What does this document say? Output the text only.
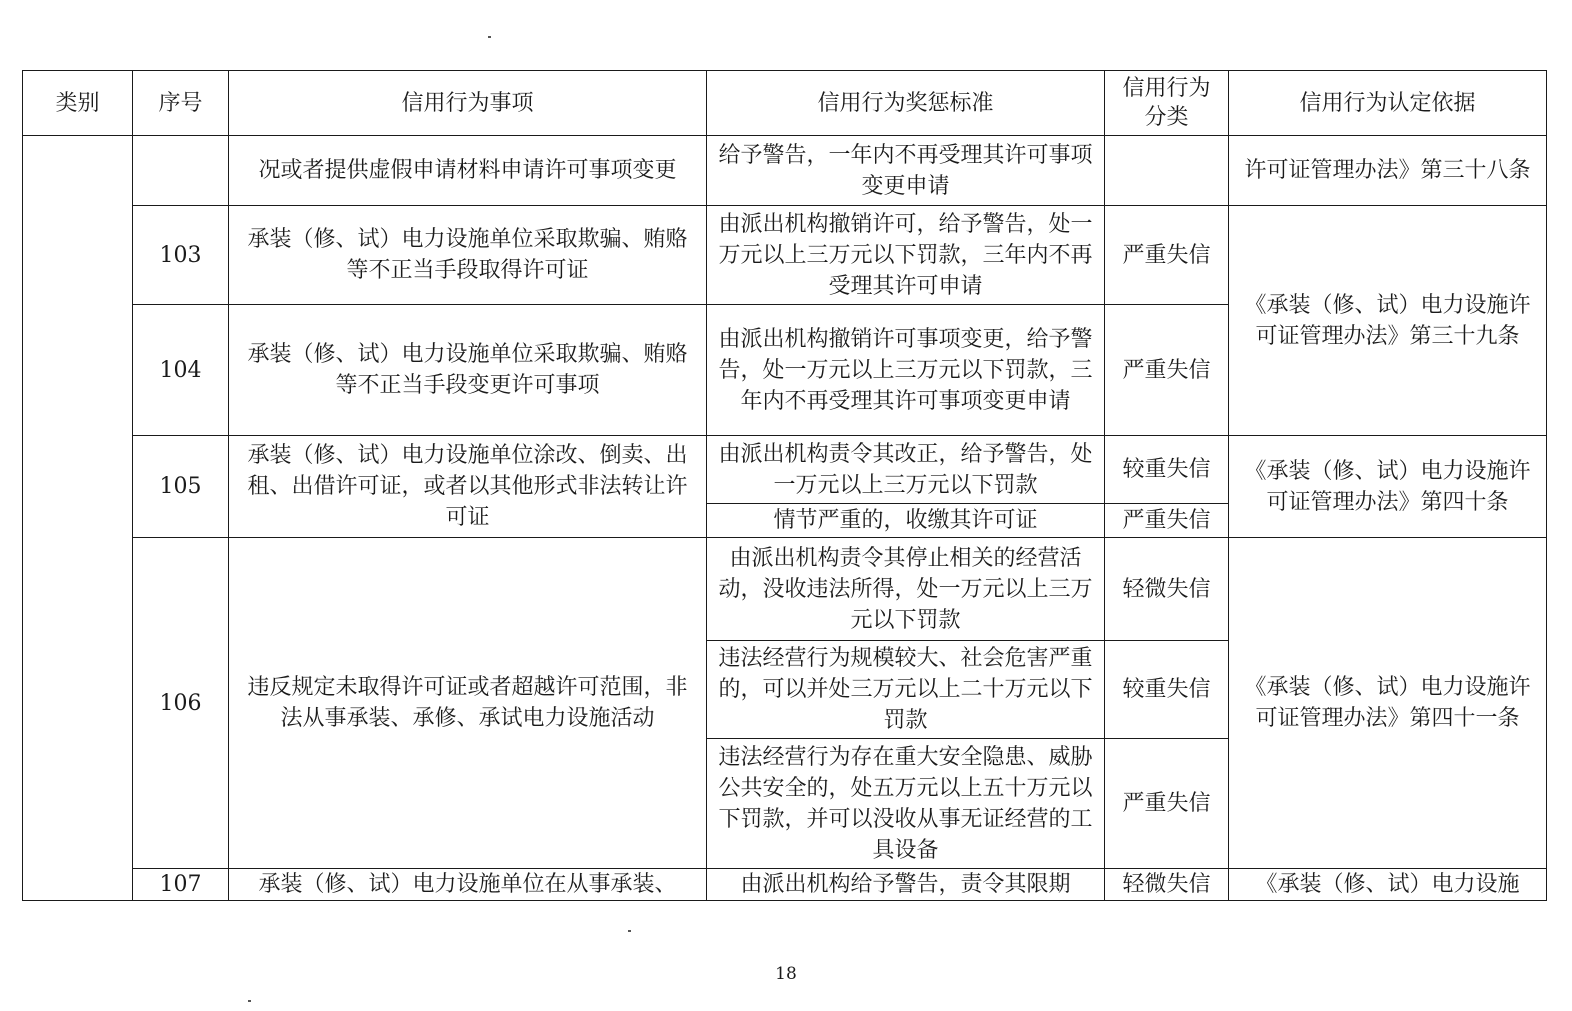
类别	序号	信用行为事项	信用行为奖惩标准	信用行为分类	信用行为认定依据
		况或者提供虚假申请材料申请许可事项变更	给予警告，一年内不再受理其许可事项变更申请		许可证管理办法》第三十八条
	103	承装（修、试）电力设施单位采取欺骗、贿赂等不正当手段取得许可证	由派出机构撤销许可，给予警告，处一万元以上三万元以下罚款，三年内不再受理其许可申请	严重失信	《承装（修、试）电力设施许可证管理办法》第三十九条
	104	承装（修、试）电力设施单位采取欺骗、贿赂等不正当手段变更许可事项	由派出机构撤销许可事项变更，给予警告，处一万元以上三万元以下罚款，三年内不再受理其许可事项变更申请	严重失信	
	105	承装（修、试）电力设施单位涂改、倒卖、出租、出借许可证，或者以其他形式非法转让许可证	由派出机构责令其改正，给予警告，处一万元以上三万元以下罚款	较重失信	《承装（修、试）电力设施许可证管理办法》第四十条
			情节严重的，收缴其许可证	严重失信	
	106	违反规定未取得许可证或者超越许可范围，非法从事承装、承修、承试电力设施活动	由派出机构责令其停止相关的经营活动，没收违法所得，处一万元以上三万元以下罚款	轻微失信	《承装（修、试）电力设施许可证管理办法》第四十一条
			违法经营行为规模较大、社会危害严重的，可以并处三万元以上二十万元以下罚款	较重失信	
			违法经营行为存在重大安全隐患、威胁公共安全的，处五万元以上五十万元以下罚款，并可以没收从事无证经营的工具设备	严重失信	
	107	承装（修、试）电力设施单位在从事承装、	由派出机构给予警告，责令其限期	轻微失信	《承装（修、试）电力设施
18
